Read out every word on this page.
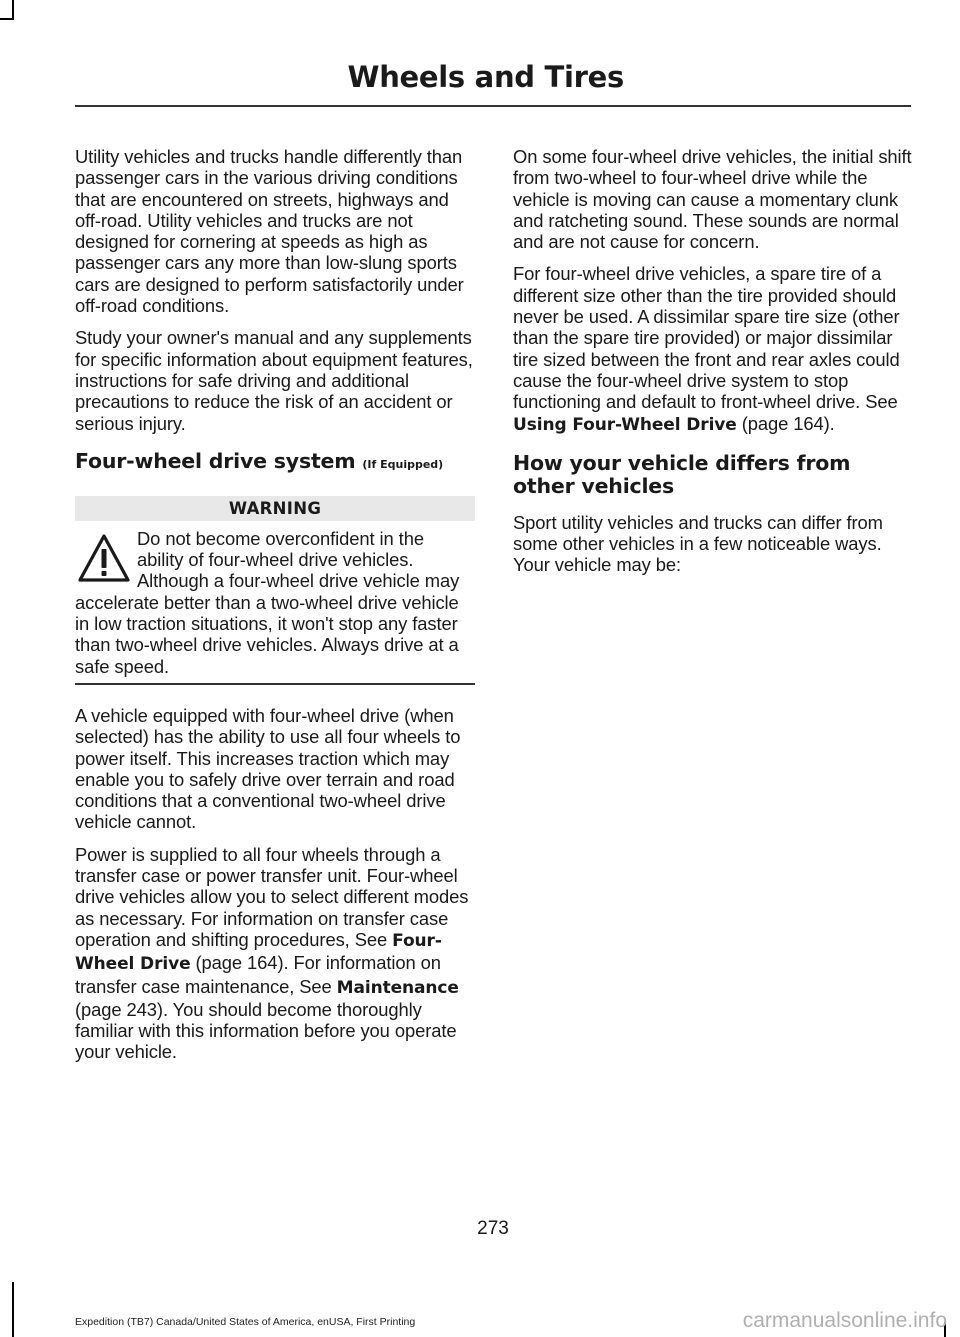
Wheels and Tires

Utility vehicles and trucks handle differently than passenger cars in the various driving conditions that are encountered on streets, highways and off-road. Utility vehicles and trucks are not designed for cornering at speeds as high as passenger cars any more than low-slung sports cars are designed to perform satisfactorily under off-road conditions.

Study your owner's manual and any supplements for specific information about equipment features, instructions for safe driving and additional precautions to reduce the risk of an accident or serious injury.

Four-wheel drive system (If Equipped)
WARNING

Do not become overconfident in the ability of four-wheel drive vehicles. Although a four-wheel drive vehicle may accelerate better than a two-wheel drive vehicle in low traction situations, it won't stop any faster than two-wheel drive vehicles. Always drive at a safe speed.

A vehicle equipped with four-wheel drive (when selected) has the ability to use all four wheels to power itself. This increases traction which may enable you to safely drive over terrain and road conditions that a conventional two-wheel drive vehicle cannot.

Power is supplied to all four wheels through a transfer case or power transfer unit. Four-wheel drive vehicles allow you to select different modes as necessary. For information on transfer case operation and shifting procedures, See Four-Wheel Drive (page 164). For information on transfer case maintenance, See Maintenance (page 243). You should become thoroughly familiar with this information before you operate your vehicle.

On some four-wheel drive vehicles, the initial shift from two-wheel to four-wheel drive while the vehicle is moving can cause a momentary clunk and ratcheting sound. These sounds are normal and are not cause for concern.

For four-wheel drive vehicles, a spare tire of a different size other than the tire provided should never be used. A dissimilar spare tire size (other than the spare tire provided) or major dissimilar tire sized between the front and rear axles could cause the four-wheel drive system to stop functioning and default to front-wheel drive. See Using Four-Wheel Drive (page 164).

How your vehicle differs from other vehicles

Sport utility vehicles and trucks can differ from some other vehicles in a few noticeable ways. Your vehicle may be:

273
Expedition (TB7) Canada/United States of America, enUSA, First Printing	carmanualsonline.info
